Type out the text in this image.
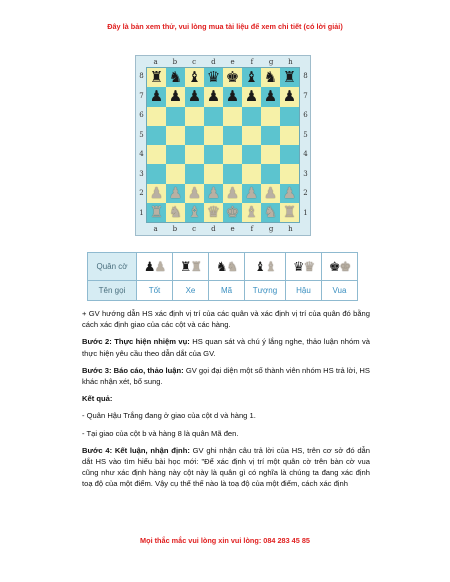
Đây là bản xem thử, vui lòng mua tài liệu để xem chi tiết (có lời giải)
a
a
b
b
c
c
d
d
e
e
f
f
g
g
h
h
8	8
7	7
6	6
5	5
4	4
3	3
2	2
1	1
♜ ♞ ♝ ♛ ♚ ♝ ♞ ♜
♟ ♟ ♟ ♟ ♟ ♟ ♟ ♟
♟ ♟ ♟ ♟ ♟ ♟ ♟ ♟
♜ ♞ ♝ ♛ ♚ ♝ ♞ ♜
Quân cờ	♟♟	♜♜	♞♞	♝♝	♛♛	♚♚
Tên gọi	Tốt	Xe	Mã	Tượng	Hậu	Vua

+ GV hướng dẫn HS xác định vị trí của các quân và xác định vị trí của quân đó bằng cách xác định giao của các cột và các hàng.

Bước 2: Thực hiện nhiệm vụ: HS quan sát và chú ý lắng nghe, thảo luận nhóm và thực hiện yêu cầu theo dẫn dắt của GV.

Bước 3: Báo cáo, thảo luận: GV gọi đại diện một số thành viên nhóm HS trả lời, HS khác nhận xét, bổ sung.

Kết quả:

- Quân Hậu Trắng đang ở giao của cột d và hàng 1.

- Tại giao của cột b và hàng 8 là quân Mã đen.

Bước 4: Kết luận, nhận định: GV ghi nhận câu trả lời của HS, trên cơ sở đó dẫn dắt HS vào tìm hiểu bài học mới: "Để xác định vị trí một quân cờ trên bàn cờ vua cũng như xác định hàng này cột này là quân gì có nghĩa là chúng ta đang xác định toạ độ của một điểm. Vậy cụ thể thế nào là toạ độ của một điểm, cách xác định

Mọi thắc mắc vui lòng xin vui lòng: 084 283 45 85
